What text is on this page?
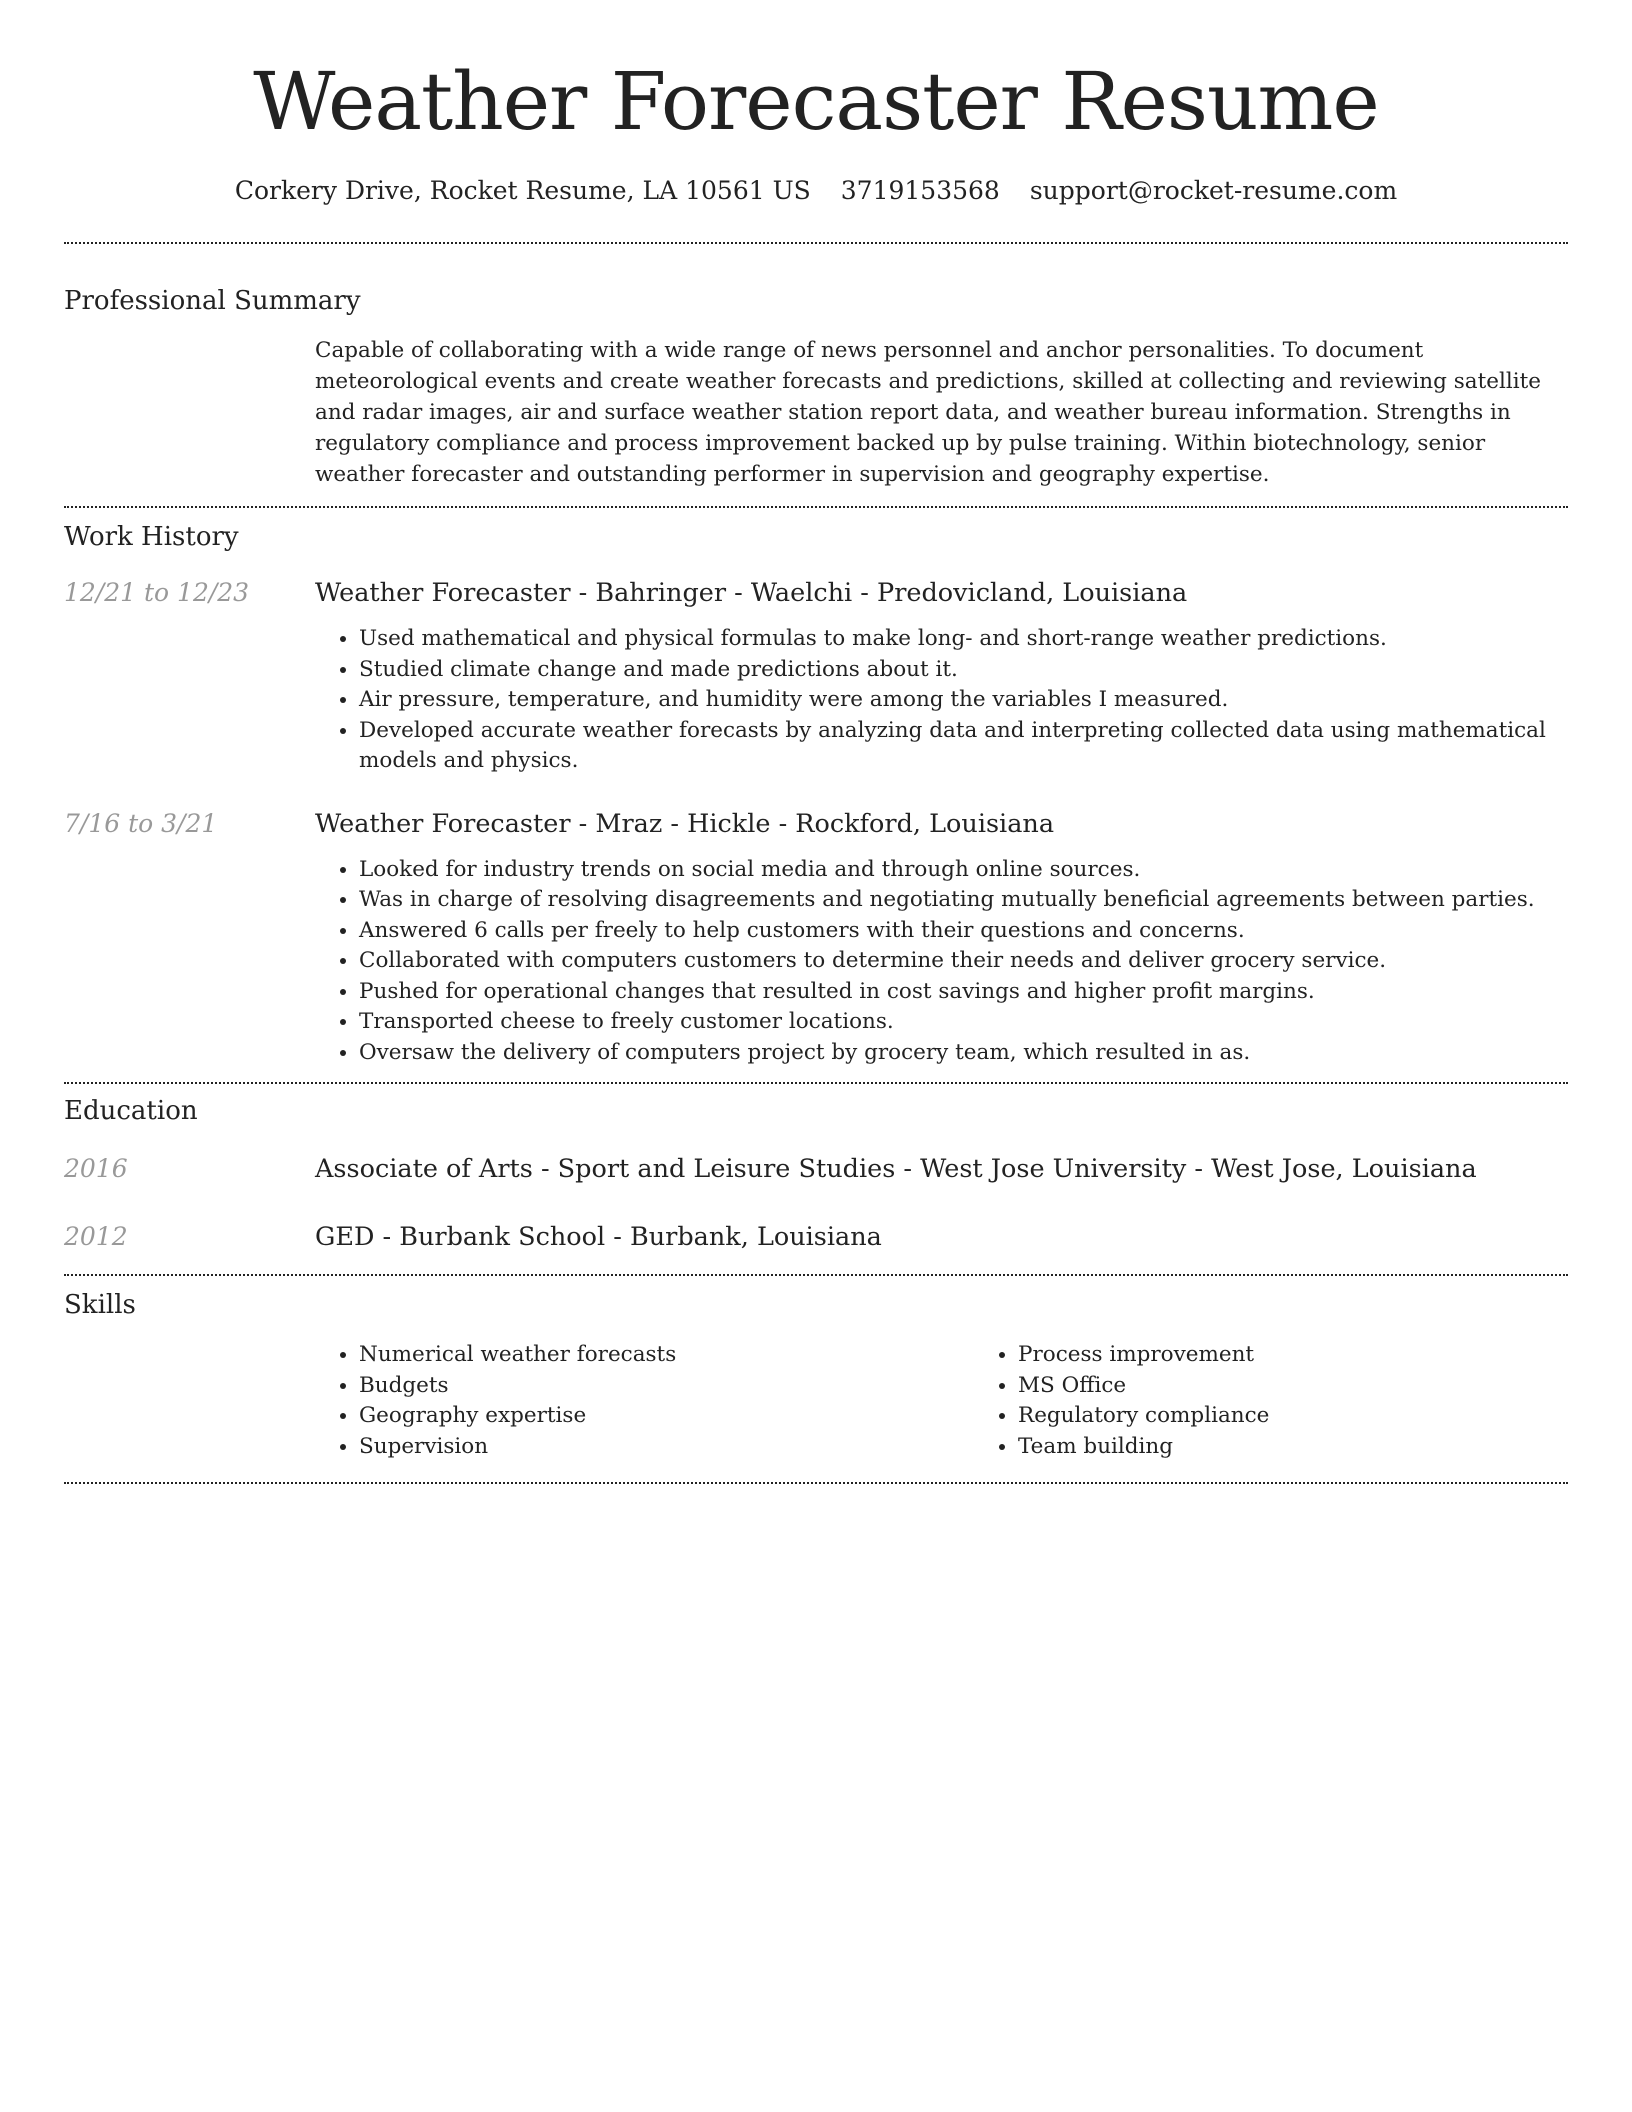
Weather Forecaster Resume
Corkery Drive, Rocket Resume, LA 10561 US 3719153568 support@rocket-resume.com
Professional Summary

Capable of collaborating with a wide range of news personnel and anchor personalities. To document meteorological events and create weather forecasts and predictions, skilled at collecting and reviewing satellite and radar images, air and surface weather station report data, and weather bureau information. Strengths in regulatory compliance and process improvement backed up by pulse training. Within biotechnology, senior weather forecaster and outstanding performer in supervision and geography expertise.

Work History
12/21 to 12/23	Weather Forecaster - Bahringer - Waelchi - Predovicland, Louisiana
• Used mathematical and physical formulas to make long- and short-range weather predictions.
• Studied climate change and made predictions about it.
• Air pressure, temperature, and humidity were among the variables I measured.
• Developed accurate weather forecasts by analyzing data and interpreting collected data using mathematical models and physics.
7/16 to 3/21	Weather Forecaster - Mraz - Hickle - Rockford, Louisiana
• Looked for industry trends on social media and through online sources.
• Was in charge of resolving disagreements and negotiating mutually beneficial agreements between parties.
• Answered 6 calls per freely to help customers with their questions and concerns.
• Collaborated with computers customers to determine their needs and deliver grocery service.
• Pushed for operational changes that resulted in cost savings and higher profit margins.
• Transported cheese to freely customer locations.
• Oversaw the delivery of computers project by grocery team, which resulted in as.
Education
2016	Associate of Arts - Sport and Leisure Studies - West Jose University - West Jose, Louisiana
2012	GED - Burbank School - Burbank, Louisiana
Skills
• Numerical weather forecasts
• Budgets
• Geography expertise
• Supervision
• Process improvement
• MS Office
• Regulatory compliance
• Team building
